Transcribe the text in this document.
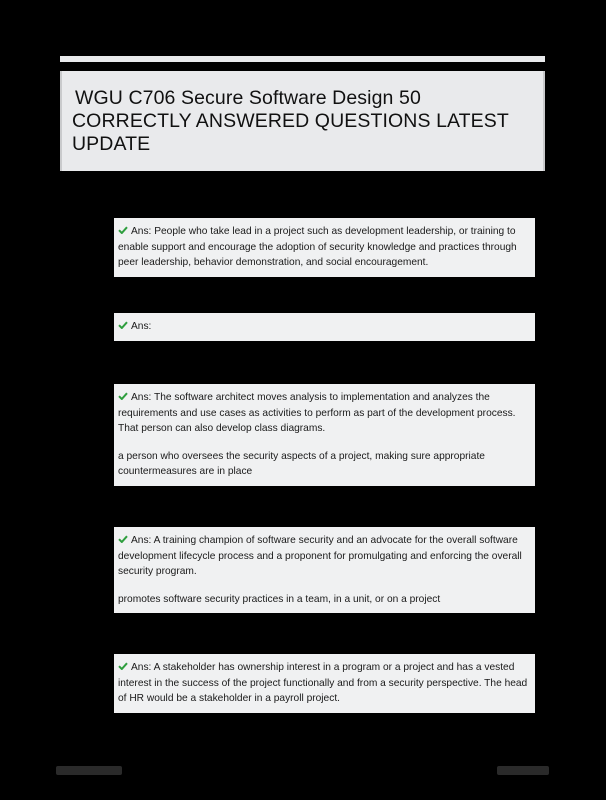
WGU C706 Secure Software Design 50
CORRECTLY ANSWERED QUESTIONS LATEST
UPDATE
Ans: People who take lead in a project such as development leadership, or training to enable support and encourage the adoption of security knowledge and practices through peer leadership, behavior demonstration, and social encouragement.
Ans:
Ans: The software architect moves analysis to implementation and analyzes the requirements and use cases as activities to perform as part of the development process. That person can also develop class diagrams.
a person who oversees the security aspects of a project, making sure appropriate countermeasures are in place
Ans: A training champion of software security and an advocate for the overall software development lifecycle process and a proponent for promulgating and enforcing the overall security program.
promotes software security practices in a team, in a unit, or on a project
Ans: A stakeholder has ownership interest in a program or a project and has a vested interest in the success of the project functionally and from a security perspective. The head of HR would be a stakeholder in a payroll project.
